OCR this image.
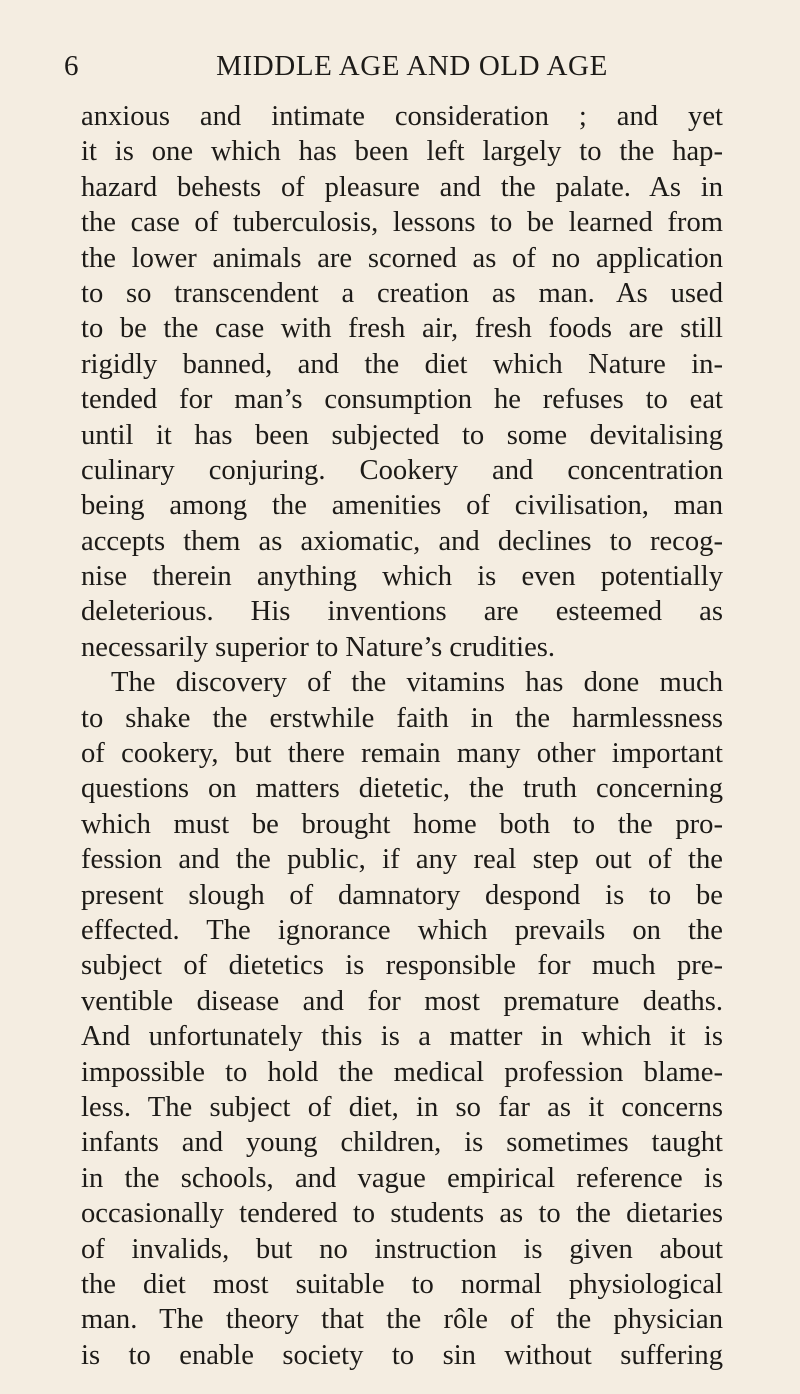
6	MIDDLE AGE AND OLD AGE
anxious and intimate consideration ; and yet
it is one which has been left largely to the hap-
hazard behests of pleasure and the palate. As in
the case of tuberculosis, lessons to be learned from
the lower animals are scorned as of no application
to so transcendent a creation as man. As used
to be the case with fresh air, fresh foods are still
rigidly banned, and the diet which Nature in-
tended for man’s consumption he refuses to eat
until it has been subjected to some devitalising
culinary conjuring. Cookery and concentration
being among the amenities of civilisation, man
accepts them as axiomatic, and declines to recog-
nise therein anything which is even potentially
deleterious. His inventions are esteemed as
necessarily superior to Nature’s crudities.
The discovery of the vitamins has done much
to shake the erstwhile faith in the harmlessness
of cookery, but there remain many other important
questions on matters dietetic, the truth concerning
which must be brought home both to the pro-
fession and the public, if any real step out of the
present slough of damnatory despond is to be
effected. The ignorance which prevails on the
subject of dietetics is responsible for much pre-
ventible disease and for most premature deaths.
And unfortunately this is a matter in which it is
impossible to hold the medical profession blame-
less. The subject of diet, in so far as it concerns
infants and young children, is sometimes taught
in the schools, and vague empirical reference is
occasionally tendered to students as to the dietaries
of invalids, but no instruction is given about
the diet most suitable to normal physiological
man. The theory that the rôle of the physician
is to enable society to sin without suffering
